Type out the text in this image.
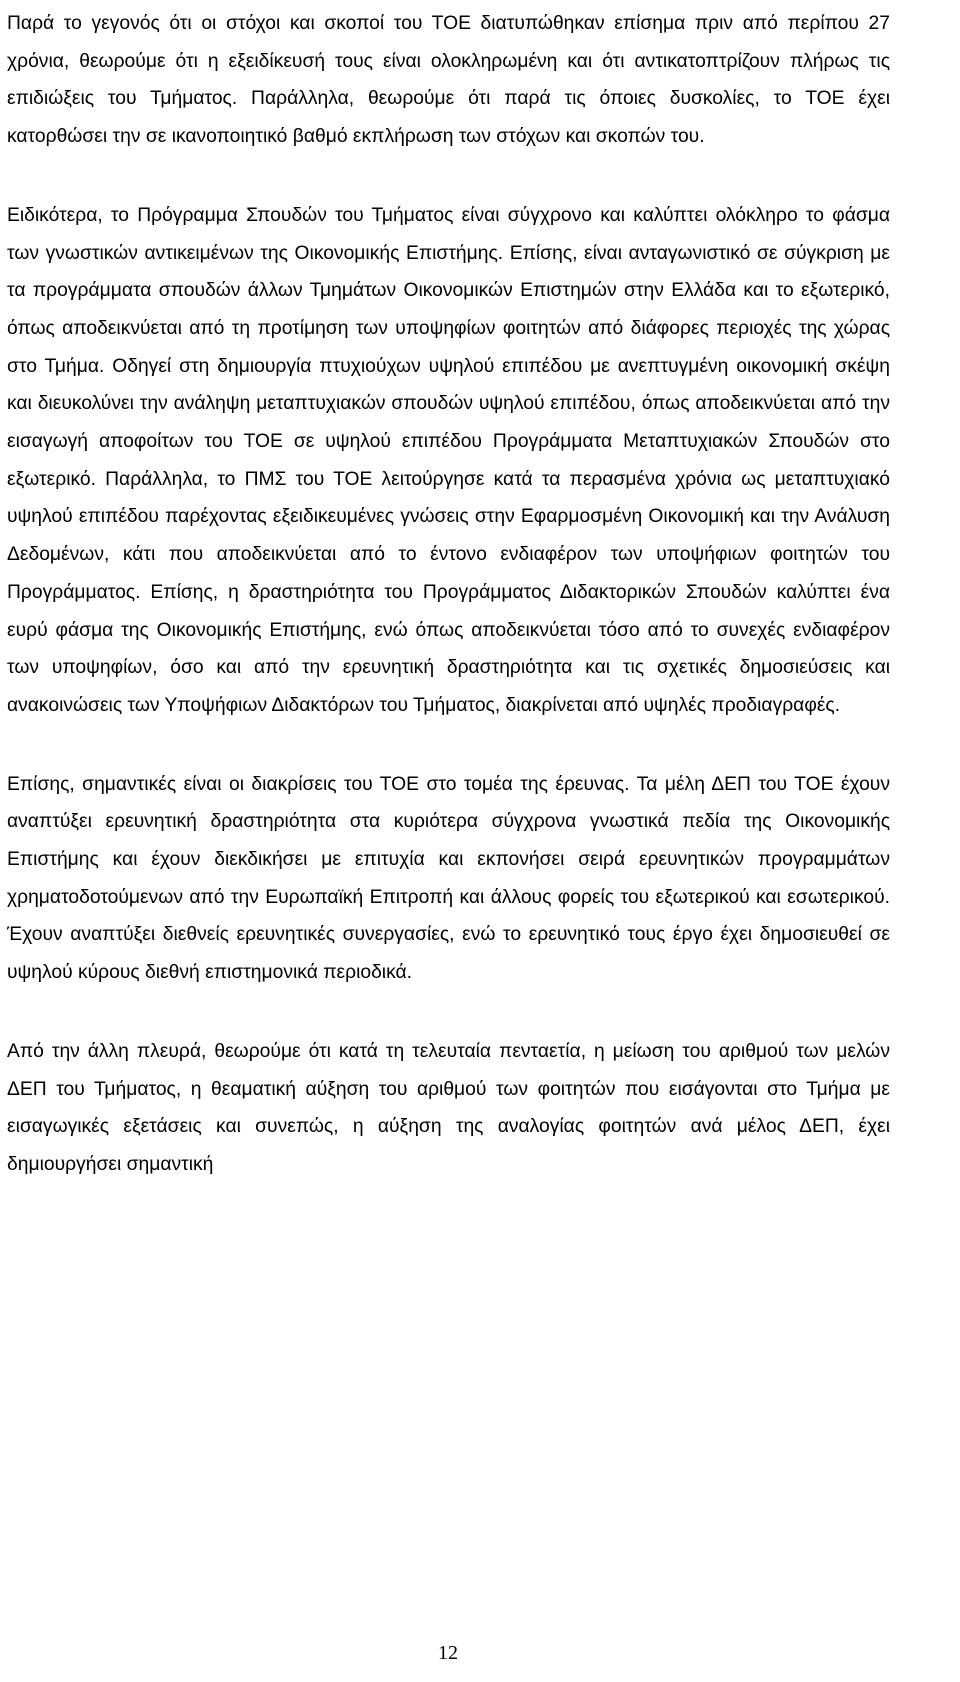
Παρά το γεγονός ότι οι στόχοι και σκοποί του ΤΟΕ διατυπώθηκαν επίσημα πριν από περίπου 27 χρόνια, θεωρούμε ότι η εξειδίκευσή τους είναι ολοκληρωμένη και ότι αντικατοπτρίζουν πλήρως τις επιδιώξεις του Τμήματος. Παράλληλα, θεωρούμε ότι παρά τις όποιες δυσκολίες, το ΤΟΕ έχει κατορθώσει την σε ικανοποιητικό βαθμό εκπλήρωση των στόχων και σκοπών του.

Ειδικότερα, το Πρόγραμμα Σπουδών του Τμήματος είναι σύγχρονο και καλύπτει ολόκληρο το φάσμα των γνωστικών αντικειμένων της Οικονομικής Επιστήμης. Επίσης, είναι ανταγωνιστικό σε σύγκριση με τα προγράμματα σπουδών άλλων Τμημάτων Οικονομικών Επιστημών στην Ελλάδα και το εξωτερικό, όπως αποδεικνύεται από τη προτίμηση των υποψηφίων φοιτητών από διάφορες περιοχές της χώρας στο Τμήμα. Οδηγεί στη δημιουργία πτυχιούχων υψηλού επιπέδου με ανεπτυγμένη οικονομική σκέψη και διευκολύνει την ανάληψη μεταπτυχιακών σπουδών υψηλού επιπέδου, όπως αποδεικνύεται από την εισαγωγή αποφοίτων του ΤΟΕ σε υψηλού επιπέδου Προγράμματα Μεταπτυχιακών Σπουδών στο εξωτερικό. Παράλληλα, το ΠΜΣ του ΤΟΕ λειτούργησε κατά τα περασμένα χρόνια ως μεταπτυχιακό υψηλού επιπέδου παρέχοντας εξειδικευμένες γνώσεις στην Εφαρμοσμένη Οικονομική και την Ανάλυση Δεδομένων, κάτι που αποδεικνύεται από το έντονο ενδιαφέρον των υποψήφιων φοιτητών του Προγράμματος. Επίσης, η δραστηριότητα του Προγράμματος Διδακτορικών Σπουδών καλύπτει ένα ευρύ φάσμα της Οικονομικής Επιστήμης, ενώ όπως αποδεικνύεται τόσο από το συνεχές ενδιαφέρον των υποψηφίων, όσο και από την ερευνητική δραστηριότητα και τις σχετικές δημοσιεύσεις και ανακοινώσεις των Υποψήφιων Διδακτόρων του Τμήματος, διακρίνεται από υψηλές προδιαγραφές.

Επίσης, σημαντικές είναι οι διακρίσεις του ΤΟΕ στο τομέα της έρευνας. Τα μέλη ΔΕΠ του ΤΟΕ έχουν αναπτύξει ερευνητική δραστηριότητα στα κυριότερα σύγχρονα γνωστικά πεδία της Οικονομικής Επιστήμης και έχουν διεκδικήσει με επιτυχία και εκπονήσει σειρά ερευνητικών προγραμμάτων χρηματοδοτούμενων από την Ευρωπαϊκή Επιτροπή και άλλους φορείς του εξωτερικού και εσωτερικού. Έχουν αναπτύξει διεθνείς ερευνητικές συνεργασίες, ενώ το ερευνητικό τους έργο έχει δημοσιευθεί σε υψηλού κύρους διεθνή επιστημονικά περιοδικά.

Από την άλλη πλευρά, θεωρούμε ότι κατά τη τελευταία πενταετία, η μείωση του αριθμού των μελών ΔΕΠ του Τμήματος, η θεαματική αύξηση του αριθμού των φοιτητών που εισάγονται στο Τμήμα με εισαγωγικές εξετάσεις και συνεπώς, η αύξηση της αναλογίας φοιτητών ανά μέλος ΔΕΠ, έχει δημιουργήσει σημαντική

12
